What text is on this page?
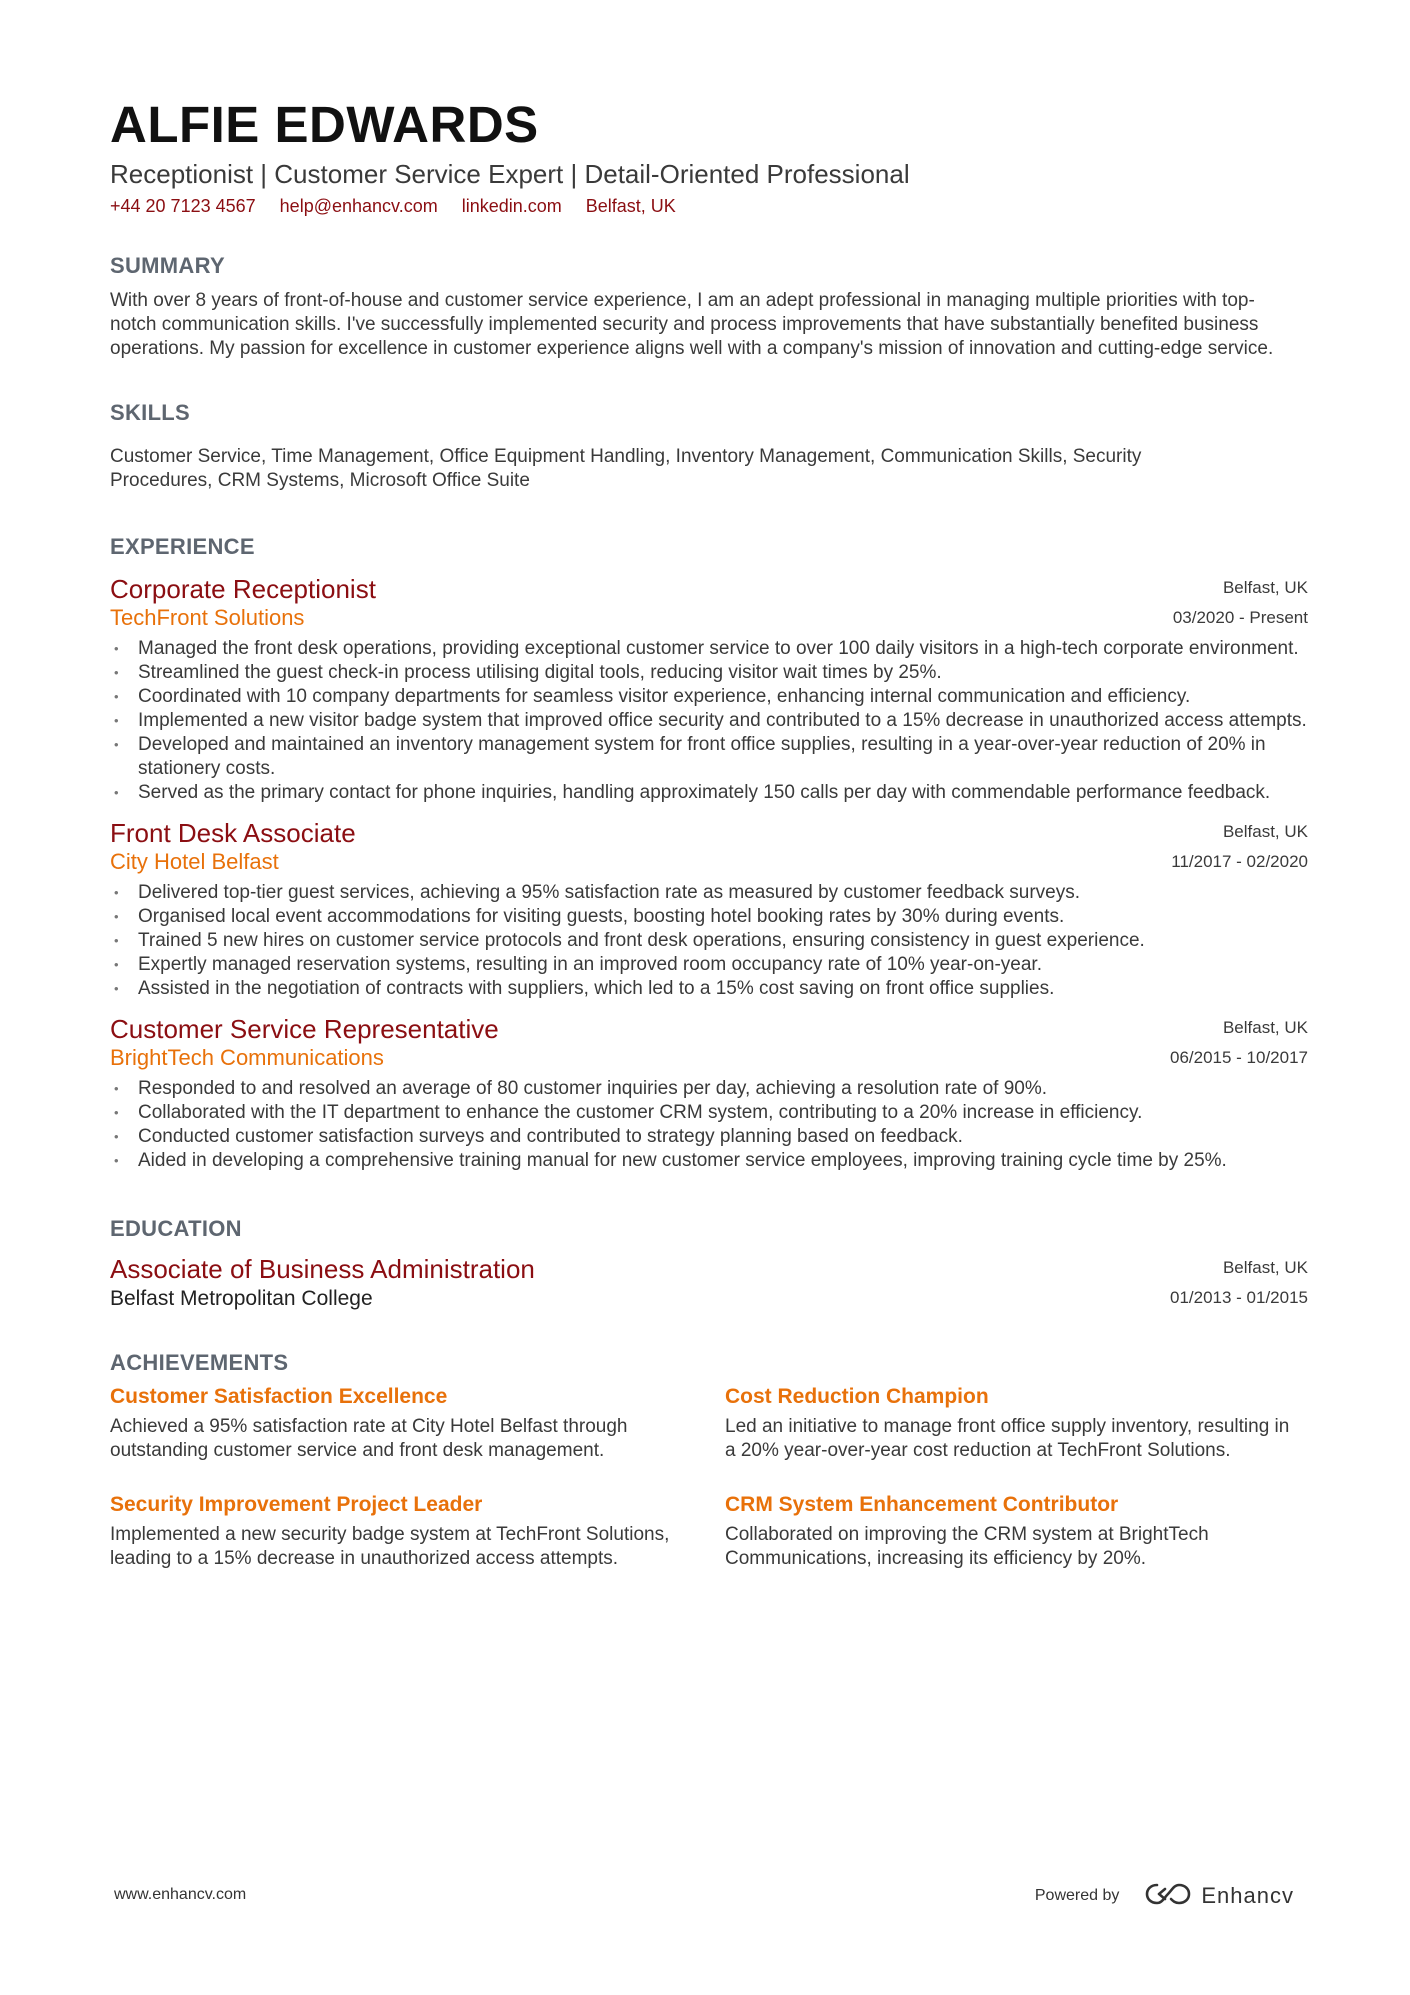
ALFIE EDWARDS
Receptionist | Customer Service Expert | Detail-Oriented Professional
+44 20 7123 4567 help@enhancv.com linkedin.com Belfast, UK
SUMMARY

With over 8 years of front-of-house and customer service experience, I am an adept professional in managing multiple priorities with top-notch communication skills. I've successfully implemented security and process improvements that have substantially benefited business operations. My passion for excellence in customer experience aligns well with a company's mission of innovation and cutting-edge service.

SKILLS

Customer Service, Time Management, Office Equipment Handling, Inventory Management, Communication Skills, Security Procedures, CRM Systems, Microsoft Office Suite

EXPERIENCE
Corporate Receptionist
TechFront Solutions
Belfast, UK
03/2020 - Present
• Managed the front desk operations, providing exceptional customer service to over 100 daily visitors in a high-tech corporate environment.
• Streamlined the guest check-in process utilising digital tools, reducing visitor wait times by 25%.
• Coordinated with 10 company departments for seamless visitor experience, enhancing internal communication and efficiency.
• Implemented a new visitor badge system that improved office security and contributed to a 15% decrease in unauthorized access attempts.
• Developed and maintained an inventory management system for front office supplies, resulting in a year-over-year reduction of 20% in stationery costs.
• Served as the primary contact for phone inquiries, handling approximately 150 calls per day with commendable performance feedback.
Front Desk Associate
City Hotel Belfast
Belfast, UK
11/2017 - 02/2020
• Delivered top-tier guest services, achieving a 95% satisfaction rate as measured by customer feedback surveys.
• Organised local event accommodations for visiting guests, boosting hotel booking rates by 30% during events.
• Trained 5 new hires on customer service protocols and front desk operations, ensuring consistency in guest experience.
• Expertly managed reservation systems, resulting in an improved room occupancy rate of 10% year-on-year.
• Assisted in the negotiation of contracts with suppliers, which led to a 15% cost saving on front office supplies.
Customer Service Representative
BrightTech Communications
Belfast, UK
06/2015 - 10/2017
• Responded to and resolved an average of 80 customer inquiries per day, achieving a resolution rate of 90%.
• Collaborated with the IT department to enhance the customer CRM system, contributing to a 20% increase in efficiency.
• Conducted customer satisfaction surveys and contributed to strategy planning based on feedback.
• Aided in developing a comprehensive training manual for new customer service employees, improving training cycle time by 25%.
EDUCATION
Associate of Business Administration
Belfast Metropolitan College
Belfast, UK
01/2013 - 01/2015
ACHIEVEMENTS
Customer Satisfaction Excellence
Achieved a 95% satisfaction rate at City Hotel Belfast through outstanding customer service and front desk management.
Cost Reduction Champion
Led an initiative to manage front office supply inventory, resulting in a 20% year-over-year cost reduction at TechFront Solutions.
Security Improvement Project Leader
Implemented a new security badge system at TechFront Solutions, leading to a 15% decrease in unauthorized access attempts.
CRM System Enhancement Contributor
Collaborated on improving the CRM system at BrightTech Communications, increasing its efficiency by 20%.
www.enhancv.com	Powered by	Enhancv
